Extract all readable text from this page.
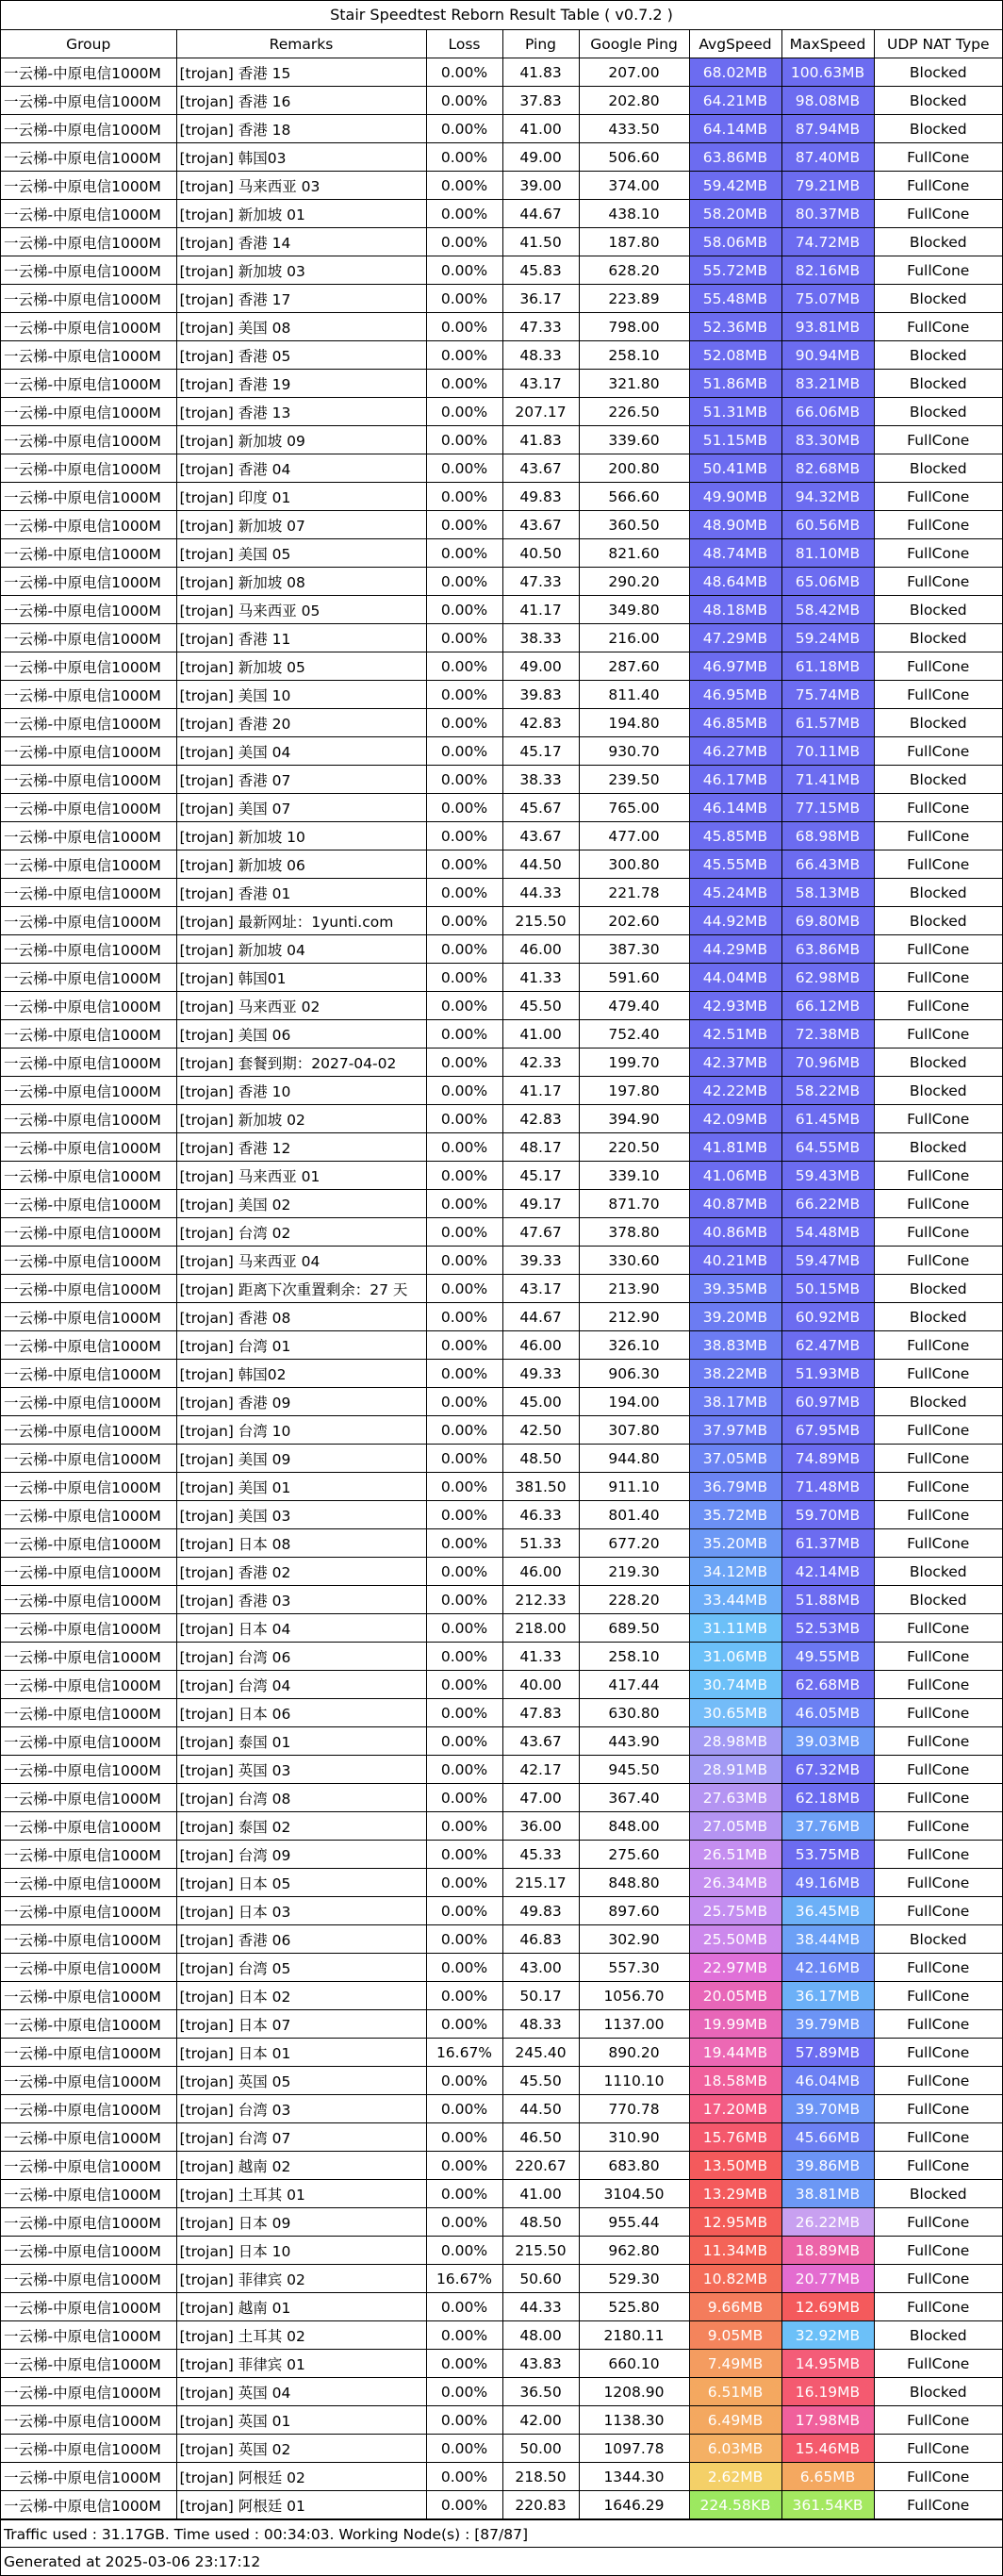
Stair Speedtest Reborn Result Table ( v0.7.2 )
Group	Remarks	Loss	Ping	Google Ping	AvgSpeed	MaxSpeed	UDP NAT Type
一云梯-中原电信1000M	[trojan] 香港 15	0.00%	41.83	207.00	68.02MB	100.63MB	Blocked
一云梯-中原电信1000M	[trojan] 香港 16	0.00%	37.83	202.80	64.21MB	98.08MB	Blocked
一云梯-中原电信1000M	[trojan] 香港 18	0.00%	41.00	433.50	64.14MB	87.94MB	Blocked
一云梯-中原电信1000M	[trojan] 韩国03	0.00%	49.00	506.60	63.86MB	87.40MB	FullCone
一云梯-中原电信1000M	[trojan] 马来西亚 03	0.00%	39.00	374.00	59.42MB	79.21MB	FullCone
一云梯-中原电信1000M	[trojan] 新加坡 01	0.00%	44.67	438.10	58.20MB	80.37MB	FullCone
一云梯-中原电信1000M	[trojan] 香港 14	0.00%	41.50	187.80	58.06MB	74.72MB	Blocked
一云梯-中原电信1000M	[trojan] 新加坡 03	0.00%	45.83	628.20	55.72MB	82.16MB	FullCone
一云梯-中原电信1000M	[trojan] 香港 17	0.00%	36.17	223.89	55.48MB	75.07MB	Blocked
一云梯-中原电信1000M	[trojan] 美国 08	0.00%	47.33	798.00	52.36MB	93.81MB	FullCone
一云梯-中原电信1000M	[trojan] 香港 05	0.00%	48.33	258.10	52.08MB	90.94MB	Blocked
一云梯-中原电信1000M	[trojan] 香港 19	0.00%	43.17	321.80	51.86MB	83.21MB	Blocked
一云梯-中原电信1000M	[trojan] 香港 13	0.00%	207.17	226.50	51.31MB	66.06MB	Blocked
一云梯-中原电信1000M	[trojan] 新加坡 09	0.00%	41.83	339.60	51.15MB	83.30MB	FullCone
一云梯-中原电信1000M	[trojan] 香港 04	0.00%	43.67	200.80	50.41MB	82.68MB	Blocked
一云梯-中原电信1000M	[trojan] 印度 01	0.00%	49.83	566.60	49.90MB	94.32MB	FullCone
一云梯-中原电信1000M	[trojan] 新加坡 07	0.00%	43.67	360.50	48.90MB	60.56MB	FullCone
一云梯-中原电信1000M	[trojan] 美国 05	0.00%	40.50	821.60	48.74MB	81.10MB	FullCone
一云梯-中原电信1000M	[trojan] 新加坡 08	0.00%	47.33	290.20	48.64MB	65.06MB	FullCone
一云梯-中原电信1000M	[trojan] 马来西亚 05	0.00%	41.17	349.80	48.18MB	58.42MB	Blocked
一云梯-中原电信1000M	[trojan] 香港 11	0.00%	38.33	216.00	47.29MB	59.24MB	Blocked
一云梯-中原电信1000M	[trojan] 新加坡 05	0.00%	49.00	287.60	46.97MB	61.18MB	FullCone
一云梯-中原电信1000M	[trojan] 美国 10	0.00%	39.83	811.40	46.95MB	75.74MB	FullCone
一云梯-中原电信1000M	[trojan] 香港 20	0.00%	42.83	194.80	46.85MB	61.57MB	Blocked
一云梯-中原电信1000M	[trojan] 美国 04	0.00%	45.17	930.70	46.27MB	70.11MB	FullCone
一云梯-中原电信1000M	[trojan] 香港 07	0.00%	38.33	239.50	46.17MB	71.41MB	Blocked
一云梯-中原电信1000M	[trojan] 美国 07	0.00%	45.67	765.00	46.14MB	77.15MB	FullCone
一云梯-中原电信1000M	[trojan] 新加坡 10	0.00%	43.67	477.00	45.85MB	68.98MB	FullCone
一云梯-中原电信1000M	[trojan] 新加坡 06	0.00%	44.50	300.80	45.55MB	66.43MB	FullCone
一云梯-中原电信1000M	[trojan] 香港 01	0.00%	44.33	221.78	45.24MB	58.13MB	Blocked
一云梯-中原电信1000M	[trojan] 最新网址：1yunti.com	0.00%	215.50	202.60	44.92MB	69.80MB	Blocked
一云梯-中原电信1000M	[trojan] 新加坡 04	0.00%	46.00	387.30	44.29MB	63.86MB	FullCone
一云梯-中原电信1000M	[trojan] 韩国01	0.00%	41.33	591.60	44.04MB	62.98MB	FullCone
一云梯-中原电信1000M	[trojan] 马来西亚 02	0.00%	45.50	479.40	42.93MB	66.12MB	FullCone
一云梯-中原电信1000M	[trojan] 美国 06	0.00%	41.00	752.40	42.51MB	72.38MB	FullCone
一云梯-中原电信1000M	[trojan] 套餐到期：2027-04-02	0.00%	42.33	199.70	42.37MB	70.96MB	Blocked
一云梯-中原电信1000M	[trojan] 香港 10	0.00%	41.17	197.80	42.22MB	58.22MB	Blocked
一云梯-中原电信1000M	[trojan] 新加坡 02	0.00%	42.83	394.90	42.09MB	61.45MB	FullCone
一云梯-中原电信1000M	[trojan] 香港 12	0.00%	48.17	220.50	41.81MB	64.55MB	Blocked
一云梯-中原电信1000M	[trojan] 马来西亚 01	0.00%	45.17	339.10	41.06MB	59.43MB	FullCone
一云梯-中原电信1000M	[trojan] 美国 02	0.00%	49.17	871.70	40.87MB	66.22MB	FullCone
一云梯-中原电信1000M	[trojan] 台湾 02	0.00%	47.67	378.80	40.86MB	54.48MB	FullCone
一云梯-中原电信1000M	[trojan] 马来西亚 04	0.00%	39.33	330.60	40.21MB	59.47MB	FullCone
一云梯-中原电信1000M	[trojan] 距离下次重置剩余：27 天	0.00%	43.17	213.90	39.35MB	50.15MB	Blocked
一云梯-中原电信1000M	[trojan] 香港 08	0.00%	44.67	212.90	39.20MB	60.92MB	Blocked
一云梯-中原电信1000M	[trojan] 台湾 01	0.00%	46.00	326.10	38.83MB	62.47MB	FullCone
一云梯-中原电信1000M	[trojan] 韩国02	0.00%	49.33	906.30	38.22MB	51.93MB	FullCone
一云梯-中原电信1000M	[trojan] 香港 09	0.00%	45.00	194.00	38.17MB	60.97MB	Blocked
一云梯-中原电信1000M	[trojan] 台湾 10	0.00%	42.50	307.80	37.97MB	67.95MB	FullCone
一云梯-中原电信1000M	[trojan] 美国 09	0.00%	48.50	944.80	37.05MB	74.89MB	FullCone
一云梯-中原电信1000M	[trojan] 美国 01	0.00%	381.50	911.10	36.79MB	71.48MB	FullCone
一云梯-中原电信1000M	[trojan] 美国 03	0.00%	46.33	801.40	35.72MB	59.70MB	FullCone
一云梯-中原电信1000M	[trojan] 日本 08	0.00%	51.33	677.20	35.20MB	61.37MB	FullCone
一云梯-中原电信1000M	[trojan] 香港 02	0.00%	46.00	219.30	34.12MB	42.14MB	Blocked
一云梯-中原电信1000M	[trojan] 香港 03	0.00%	212.33	228.20	33.44MB	51.88MB	Blocked
一云梯-中原电信1000M	[trojan] 日本 04	0.00%	218.00	689.50	31.11MB	52.53MB	FullCone
一云梯-中原电信1000M	[trojan] 台湾 06	0.00%	41.33	258.10	31.06MB	49.55MB	FullCone
一云梯-中原电信1000M	[trojan] 台湾 04	0.00%	40.00	417.44	30.74MB	62.68MB	FullCone
一云梯-中原电信1000M	[trojan] 日本 06	0.00%	47.83	630.80	30.65MB	46.05MB	FullCone
一云梯-中原电信1000M	[trojan] 泰国 01	0.00%	43.67	443.90	28.98MB	39.03MB	FullCone
一云梯-中原电信1000M	[trojan] 英国 03	0.00%	42.17	945.50	28.91MB	67.32MB	FullCone
一云梯-中原电信1000M	[trojan] 台湾 08	0.00%	47.00	367.40	27.63MB	62.18MB	FullCone
一云梯-中原电信1000M	[trojan] 泰国 02	0.00%	36.00	848.00	27.05MB	37.76MB	FullCone
一云梯-中原电信1000M	[trojan] 台湾 09	0.00%	45.33	275.60	26.51MB	53.75MB	FullCone
一云梯-中原电信1000M	[trojan] 日本 05	0.00%	215.17	848.80	26.34MB	49.16MB	FullCone
一云梯-中原电信1000M	[trojan] 日本 03	0.00%	49.83	897.60	25.75MB	36.45MB	FullCone
一云梯-中原电信1000M	[trojan] 香港 06	0.00%	46.83	302.90	25.50MB	38.44MB	Blocked
一云梯-中原电信1000M	[trojan] 台湾 05	0.00%	43.00	557.30	22.97MB	42.16MB	FullCone
一云梯-中原电信1000M	[trojan] 日本 02	0.00%	50.17	1056.70	20.05MB	36.17MB	FullCone
一云梯-中原电信1000M	[trojan] 日本 07	0.00%	48.33	1137.00	19.99MB	39.79MB	FullCone
一云梯-中原电信1000M	[trojan] 日本 01	16.67%	245.40	890.20	19.44MB	57.89MB	FullCone
一云梯-中原电信1000M	[trojan] 英国 05	0.00%	45.50	1110.10	18.58MB	46.04MB	FullCone
一云梯-中原电信1000M	[trojan] 台湾 03	0.00%	44.50	770.78	17.20MB	39.70MB	FullCone
一云梯-中原电信1000M	[trojan] 台湾 07	0.00%	46.50	310.90	15.76MB	45.66MB	FullCone
一云梯-中原电信1000M	[trojan] 越南 02	0.00%	220.67	683.80	13.50MB	39.86MB	FullCone
一云梯-中原电信1000M	[trojan] 土耳其 01	0.00%	41.00	3104.50	13.29MB	38.81MB	Blocked
一云梯-中原电信1000M	[trojan] 日本 09	0.00%	48.50	955.44	12.95MB	26.22MB	FullCone
一云梯-中原电信1000M	[trojan] 日本 10	0.00%	215.50	962.80	11.34MB	18.89MB	FullCone
一云梯-中原电信1000M	[trojan] 菲律宾 02	16.67%	50.60	529.30	10.82MB	20.77MB	FullCone
一云梯-中原电信1000M	[trojan] 越南 01	0.00%	44.33	525.80	9.66MB	12.69MB	FullCone
一云梯-中原电信1000M	[trojan] 土耳其 02	0.00%	48.00	2180.11	9.05MB	32.92MB	Blocked
一云梯-中原电信1000M	[trojan] 菲律宾 01	0.00%	43.83	660.10	7.49MB	14.95MB	FullCone
一云梯-中原电信1000M	[trojan] 英国 04	0.00%	36.50	1208.90	6.51MB	16.19MB	Blocked
一云梯-中原电信1000M	[trojan] 英国 01	0.00%	42.00	1138.30	6.49MB	17.98MB	FullCone
一云梯-中原电信1000M	[trojan] 英国 02	0.00%	50.00	1097.78	6.03MB	15.46MB	FullCone
一云梯-中原电信1000M	[trojan] 阿根廷 02	0.00%	218.50	1344.30	2.62MB	6.65MB	FullCone
一云梯-中原电信1000M	[trojan] 阿根廷 01	0.00%	220.83	1646.29	224.58KB	361.54KB	FullCone
Traffic used : 31.17GB. Time used : 00:34:03. Working Node(s) : [87/87]
Generated at 2025-03-06 23:17:12
